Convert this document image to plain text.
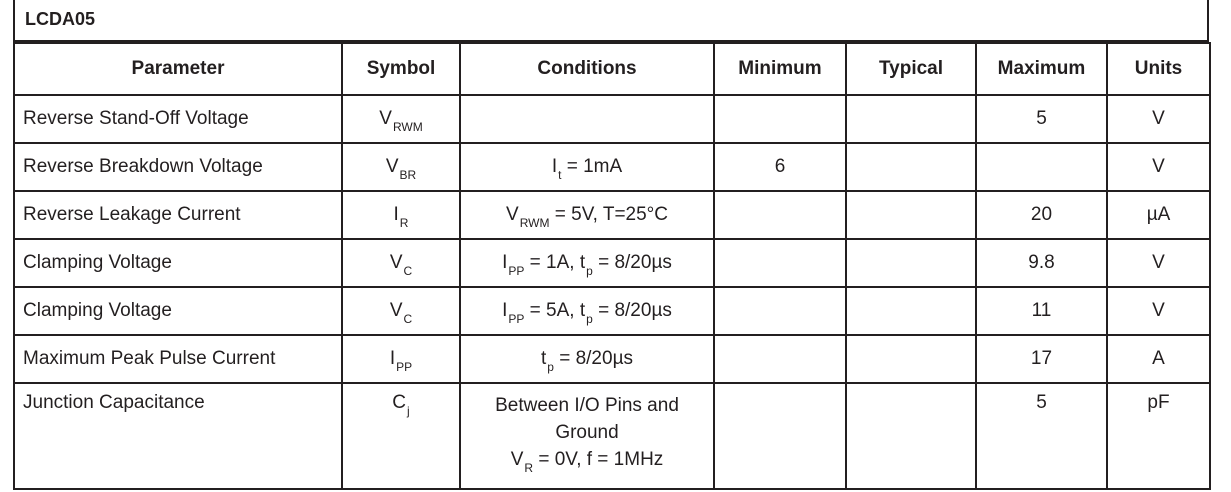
LCDA05
Parameter	Symbol	Conditions	Minimum	Typical	Maximum	Units
Reverse Stand-Off Voltage	$V_{RWM}$				5	V
Reverse Breakdown Voltage	$V_{BR}$	$I_t = 1mA$	6			V
Reverse Leakage Current	$I_R$	$V_{RWM} = 5V$, T=25°C			20	µA
Clamping Voltage	$V_C$	$I_{PP} = 1A$, $t_p = 8/20\mu s$			9.8	V
Clamping Voltage	$V_C$	$I_{PP} = 5A$, $t_p = 8/20\mu s$			11	V
Maximum Peak Pulse Current	$I_{PP}$	$t_p = 8/20\mu s$			17	A
Junction Capacitance	$C_j$	Between I/O Pins and
Ground
$V_R = 0V$, f = 1MHz			5	pF
